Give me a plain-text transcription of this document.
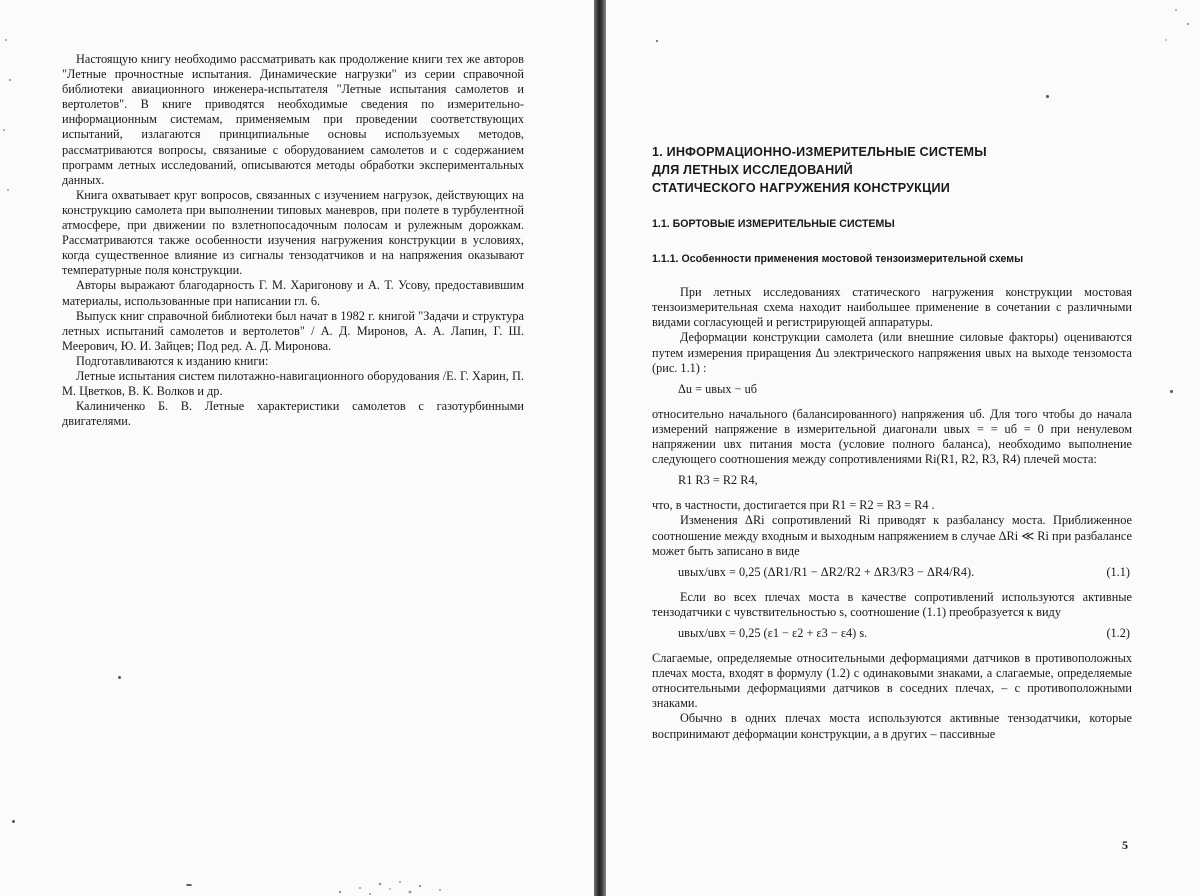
Настоящую книгу необходимо рассматривать как продолжение книги тех же авторов "Летные прочностные испытания. Динамические нагрузки" из серии справочной библиотеки авиационного инженера-испытателя "Летные испытания самолетов и вертолетов". В книге приводятся необходимые сведения по измерительно-информационным системам, применяемым при проведении соответствующих испытаний, излагаются принципиальные основы используемых методов, рассматриваются вопросы, связаниые с оборудованием самолетов и с содержанием программ летных исследований, описываются методы обработки экспериментальных данных.

Книга охватывает круг вопросов, связанных с изучением нагрузок, действующих на конструкцию самолета при выполнении типовых маневров, при полете в турбулентной атмосфере, при движении по взлетнопосадочным полосам и рулежным дорожкам. Рассматриваются также особенности изучения нагружения конструкции в условиях, когда существенное влияние из сигналы тензодатчиков и на напряжения оказывают температурные поля конструкции.

Авторы выражают благодарность Г. М. Харигонову и А. Т. Усову, предоставившим материалы, использованные при написании гл. 6.

Выпуск книг справочной библиотеки был начат в 1982 г. книгой "Задачи и структура летных испытаний самолетов и вертолетов" / А. Д. Миронов, А. А. Лапин, Г. Ш. Меерович, Ю. И. Зайцев; Под ред. А. Д. Миронова.

Подготавливаются к изданию книги:

Летные испытания систем пилотажно-навигационного оборудования /Е. Г. Харин, П. М. Цветков, В. К. Волков и др.

Калиниченко Б. В. Летные характеристики самолетов с газотурбинными двигателями.

1. ИНФОРМАЦИОННО-ИЗМЕРИТЕЛЬНЫЕ СИСТЕМЫ
ДЛЯ ЛЕТНЫХ ИССЛЕДОВАНИЙ
СТАТИЧЕСКОГО НАГРУЖЕНИЯ КОНСТРУКЦИИ
1.1. БОРТОВЫЕ ИЗМЕРИТЕЛЬНЫЕ СИСТЕМЫ
1.1.1. Особенности применения мостовой тензоизмерительной схемы

При летных исследованиях статического нагружения конструкции мостовая тензоизмерительная схема находит наибольшее применение в сочетании с различными видами согласующей и регистрирующей аппаратуры.

Деформации конструкции самолета (или внешние силовые факторы) оцениваются путем измерения приращения Δu электрического напряжения uвых на выходе тензомоста (рис. 1.1) :

Δu = uвых − uб

относительно начального (балансированного) напряжения uб. Для того чтобы до начала измерений напряжение в измерительной диагонали uвых = = uб = 0 при ненулевом напряжении uвх питания моста (условие полного баланса), необходимо выполнение следующего соотношения между сопротивлениями Ri(R1, R2, R3, R4) плечей моста:

R1 R3 = R2 R4,

что, в частности, достигается при R1 = R2 = R3 = R4 .

Изменения ΔRi сопротивлений Ri приводят к разбалансу моста. Приближенное соотношение между входным и выходным напряжением в случае ΔRi ≪ Ri при разбалансе может быть записано в виде

uвых/uвх = 0,25 (ΔR1/R1 − ΔR2/R2 + ΔR3/R3 − ΔR4/R4).	(1.1)

Если во всех плечах моста в качестве сопротивлений используются активные тензодатчики с чувствительностью s, соотношение (1.1) преобразуется к виду

uвых/uвх = 0,25 (ε1 − ε2 + ε3 − ε4) s.	(1.2)

Слагаемые, определяемые относительными деформациями датчиков в противоположных плечах моста, входят в формулу (1.2) с одинаковыми знаками, а слагаемые, определяемые относительными деформациями датчиков в соседних плечах, – с противоположными знаками.

Обычно в одних плечах моста используются активные тензодатчики, которые воспринимают деформации конструкции, а в других – пассивные

5
